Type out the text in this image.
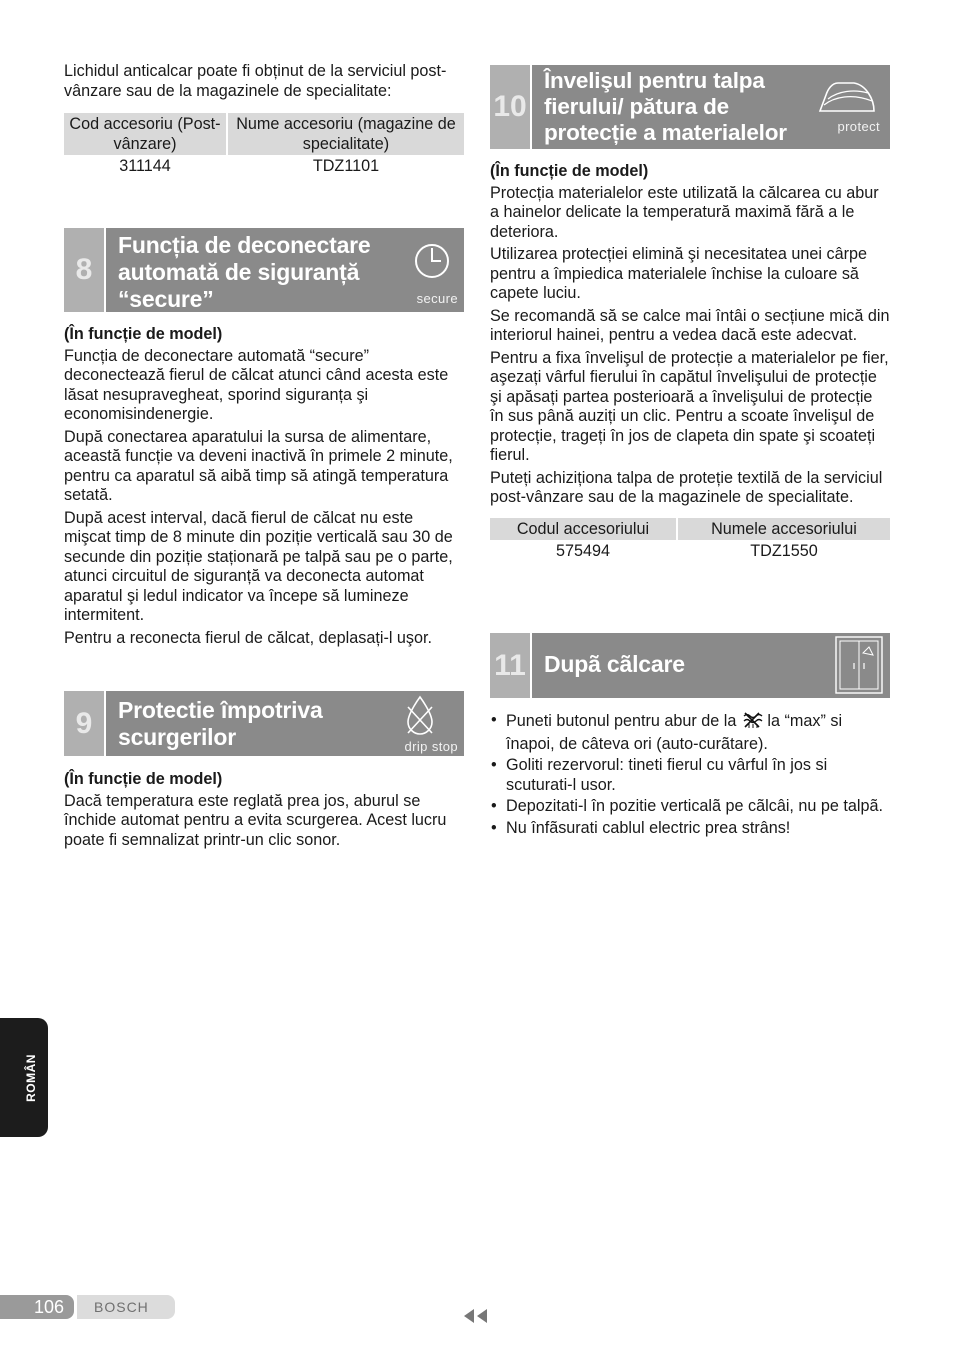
Lichidul anticalcar poate fi obținut de la serviciul post-vânzare sau de la magazinele de specialitate:

Cod accesoriu (Post-vânzare)	Nume accesoriu (magazine de specialitate)
311144	TDZ1101
8
Funcția de deconectare automată de siguranță “secure”	secure

(În funcție de model)

Funcția de deconectare automată “secure” deconectează fierul de călcat atunci când acesta este lăsat nesupravegheat, sporind siguranța şi economisindenergie.

După conectarea aparatului la sursa de alimentare, această funcție va deveni inactivă în primele 2 minute, pentru ca aparatul să aibă timp să atingă temperatura setată.

După acest interval, dacă fierul de călcat nu este mişcat timp de 8 minute din poziție verticală sau 30 de secunde din poziție staționară pe talpă sau pe o parte, atunci circuitul de siguranță va deconecta automat aparatul şi ledul indicator va începe să lumineze intermitent.

Pentru a reconecta fierul de călcat, deplasați-l uşor.

9	Protectie împotriva scurgerilor	drip stop

(În funcție de model)

Dacă temperatura este reglată prea jos, aburul se închide automat pentru a evita scurgerea. Acest lucru poate fi semnalizat printr-un clic sonor.

10
Învelişul pentru talpa fierului/ pătura de protecție a materialelor	protect

(În funcție de model)

Protecția materialelor este utilizată la călcarea cu abur a hainelor delicate la temperatură maximă fără a le deteriora.

Utilizarea protecției elimină şi necesitatea unei cârpe pentru a împiedica materialele închise la culoare să capete luciu.

Se recomandă să se calce mai întâi o secțiune mică din interiorul hainei, pentru a vedea dacă este adecvat.

Pentru a fixa învelişul de protecție a materialelor pe fier, aşezați vârful fierului în capătul învelişului de protecție şi apăsați partea posterioară a învelişului de protecție în sus până auziți un clic. Pentru a scoate învelişul de protecție, trageți în jos de clapeta din spate şi scoateți fierul.

Puteți achiziționa talpa de proteție textilă de la serviciul post-vânzare sau de la magazinele de specialitate.

Codul accesoriului	Numele accesoriului
575494	TDZ1550
11 Dupã cãlcare
• Puneti butonul pentru abur de la  la “max” si înapoi, de câteva ori (auto-curãtare).
• Goliti rezervorul: tineti fierul cu vârful în jos si scuturati-l usor.
• Depozitati-l în pozitie verticalã pe cãlcâi, nu pe talpã.
• Nu înfãsurati cablul electric prea strâns!
ROMÂN
106 BOSCH
